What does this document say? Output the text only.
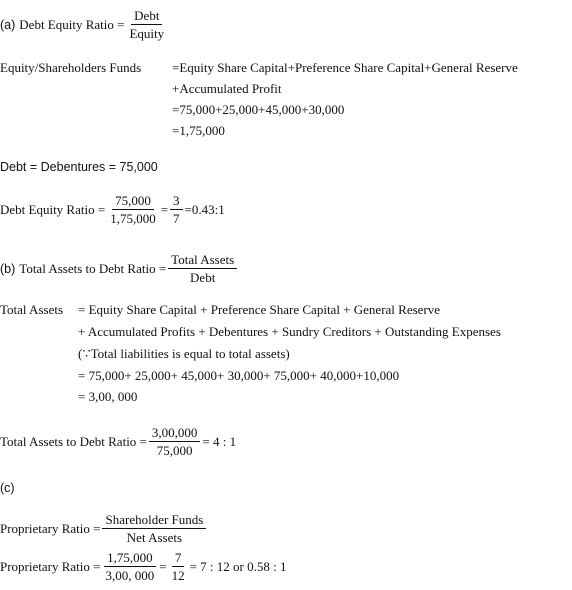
(a) Debt Equity Ratio = $\frac{\text{Debt}}{\text{Equity}}$
Equity/Shareholders Funds =Equity Share Capital+Preference Share Capital+General Reserve
+Accumulated Profit
=75,000+25,000+45,000+30,000
=1,75,000
Debt = Debentures = 75,000
Debt Equity Ratio = $\frac{75,000}{1,75,000} = \frac{3}{7}$ =0.43:1
(b) Total Assets to Debt Ratio = $\frac{\text{Total Assets}}{\text{Debt}}$
Total Assets = Equity Share Capital + Preference Share Capital + General Reserve
+ Accumulated Profits + Debentures + Sundry Creditors + Outstanding Expenses
(∵Total liabilities is equal to total assets)
= 75,000+ 25,000+ 45,000+ 30,000+ 75,000+ 40,000+10,000
= 3,00, 000
Total Assets to Debt Ratio = $\frac{3,00,000}{75,000} = 4$ : 1
(c)
Proprietary Ratio = $\frac{\text{Shareholder Funds}}{\text{Net Assets}}$
Proprietary Ratio = $\frac{1,75,000}{3,00, 000} = \frac{7}{12} = 7$ : 12 or 0.58 : 1
